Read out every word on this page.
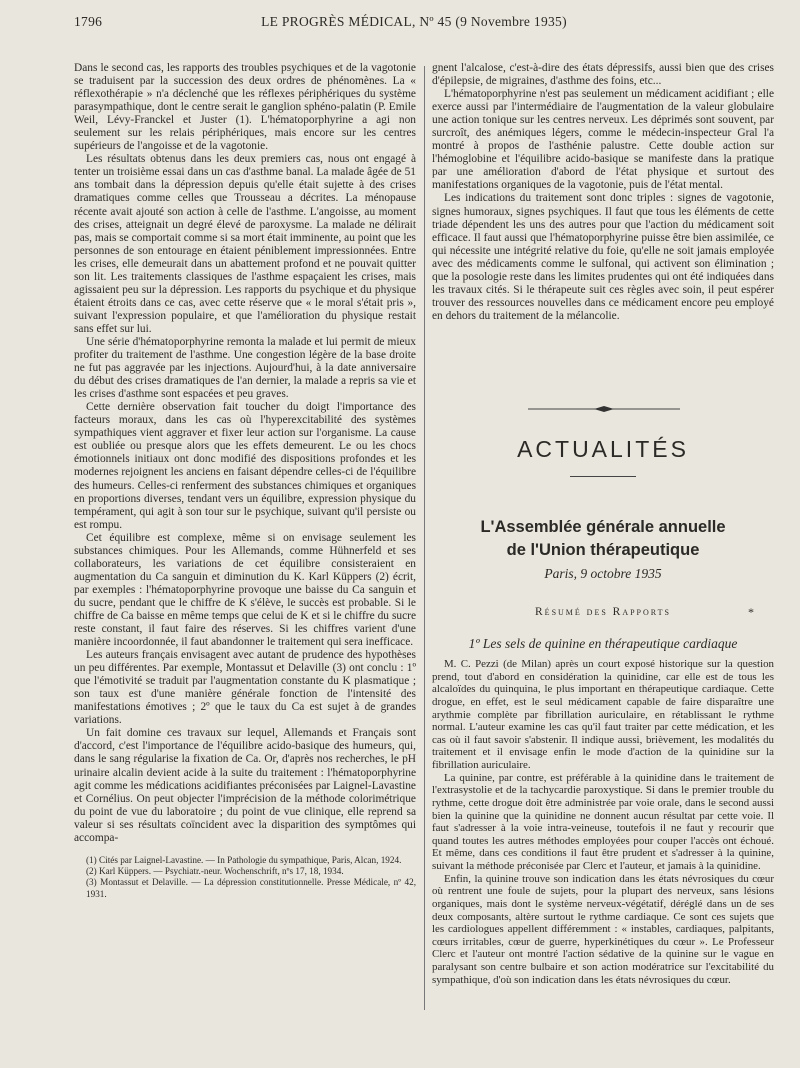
1796	LE PROGRÈS MÉDICAL, Nº 45 (9 Novembre 1935)

Dans le second cas, les rapports des troubles psychiques et de la vagotonie se traduisent par la succession des deux ordres de phénomènes. La « réflexothérapie » n'a déclenché que les réflexes périphériques du système parasympathique, dont le centre serait le ganglion sphéno-palatin (P. Emile Weil, Lévy-Franckel et Juster (1). L'hématoporphyrine a agi non seulement sur les relais périphériques, mais encore sur les centres supérieurs de l'angoisse et de la vagotonie.

Les résultats obtenus dans les deux premiers cas, nous ont engagé à tenter un troisième essai dans un cas d'asthme banal. La malade âgée de 51 ans tombait dans la dépression depuis qu'elle était sujette à des crises dramatiques comme celles que Trousseau a décrites. La ménopause récente avait ajouté son action à celle de l'asthme. L'angoisse, au moment des crises, atteignait un degré élevé de paroxysme. La malade ne délirait pas, mais se comportait comme si sa mort était imminente, au point que les personnes de son entourage en étaient péniblement impressionnées. Entre les crises, elle demeurait dans un abattement profond et ne pouvait quitter son lit. Les traitements classiques de l'asthme espaçaient les crises, mais agissaient peu sur la dépression. Les rapports du psychique et du physique étaient étroits dans ce cas, avec cette réserve que « le moral s'était pris », suivant l'expression populaire, et que l'amélioration du physique restait sans effet sur lui.

Une série d'hématoporphyrine remonta la malade et lui permit de mieux profiter du traitement de l'asthme. Une congestion légère de la base droite ne fut pas aggravée par les injections. Aujourd'hui, à la date anniversaire du début des crises dramatiques de l'an dernier, la malade a repris sa vie et les crises d'asthme sont espacées et peu graves.

Cette dernière observation fait toucher du doigt l'importance des facteurs moraux, dans les cas où l'hyperexcitabilité des systèmes sympathiques vient aggraver et fixer leur action sur l'organisme. La cause est oubliée ou presque alors que les effets demeurent. Le ou les chocs émotionnels initiaux ont donc modifié des dispositions profondes et les modernes rejoignent les anciens en faisant dépendre celles-ci de l'équilibre des humeurs. Celles-ci renferment des substances chimiques et organiques en proportions diverses, tendant vers un équilibre, expression physique du tempérament, qui agit à son tour sur le psychique, suivant qu'il persiste ou est rompu.

Cet équilibre est complexe, même si on envisage seulement les substances chimiques. Pour les Allemands, comme Hühnerfeld et ses collaborateurs, les variations de cet équilibre consisteraient en augmentation du Ca sanguin et diminution du K. Karl Küppers (2) écrit, par exemples : l'hématoporphyrine provoque une baisse du Ca sanguin et du sucre, pendant que le chiffre de K s'élève, le succès est probable. Si le chiffre de Ca baisse en même temps que celui de K et si le chiffre du sucre reste constant, il faut faire des réserves. Si les chiffres varient d'une manière incoordonnée, il faut abandonner le traitement qui sera inefficace.

Les auteurs français envisagent avec autant de prudence des hypothèses un peu différentes. Par exemple, Montassut et Delaville (3) ont conclu : 1º que l'émotivité se traduit par l'augmentation constante du K plasmatique ; son taux est d'une manière générale fonction de l'intensité des manifestations émotives ; 2º que le taux du Ca est sujet à de grandes variations.

Un fait domine ces travaux sur lequel, Allemands et Français sont d'accord, c'est l'importance de l'équilibre acido-basique des humeurs, qui, dans le sang régularise la fixation de Ca. Or, d'après nos recherches, le pH urinaire alcalin devient acide à la suite du traitement : l'hématoporphyrine agit comme les médications acidifiantes préconisées par Laignel-Lavastine et Cornélius. On peut objecter l'imprécision de la méthode colorimétrique du point de vue du laboratoire ; du point de vue clinique, elle reprend sa valeur si ses résultats coïncident avec la disparition des symptômes qui accompa-

(1) Cités par Laignel-Lavastine. — In Pathologie du sympathique, Paris, Alcan, 1924.

(2) Karl Küppers. — Psychiatr.-neur. Wochenschrift, nºs 17, 18, 1934.

(3) Montassut et Delaville. — La dépression constitutionnelle. Presse Médicale, nº 42, 1931.

gnent l'alcalose, c'est-à-dire des états dépressifs, aussi bien que des crises d'épilepsie, de migraines, d'asthme des foins, etc...

L'hématoporphyrine n'est pas seulement un médicament acidifiant ; elle exerce aussi par l'intermédiaire de l'augmentation de la valeur globulaire une action tonique sur les centres nerveux. Les déprimés sont souvent, par surcroît, des anémiques légers, comme le médecin-inspecteur Gral l'a montré à propos de l'asthénie palustre. Cette double action sur l'hémoglobine et l'équilibre acido-basique se manifeste dans la pratique par une amélioration d'abord de l'état physique et surtout des manifestations organiques de la vagotonie, puis de l'état mental.

Les indications du traitement sont donc triples : signes de vagotonie, signes humoraux, signes psychiques. Il faut que tous les éléments de cette triade dépendent les uns des autres pour que l'action du médicament soit efficace. Il faut aussi que l'hématoporphyrine puisse être bien assimilée, ce qui nécessite une intégrité relative du foie, qu'elle ne soit jamais employée avec des médicaments comme le sulfonal, qui activent son élimination ; que la posologie reste dans les limites prudentes qui ont été indiquées dans les travaux cités. Si le thérapeute suit ces règles avec soin, il peut espérer trouver des ressources nouvelles dans ce médicament encore peu employé en dehors du traitement de la mélancolie.

ACTUALITÉS
L'Assemblée générale annuelle
de l'Union thérapeutique
Paris, 9 octobre 1935
Résumé des Rapports	*
1º Les sels de quinine en thérapeutique cardiaque

M. C. Pezzi (de Milan) après un court exposé historique sur la question prend, tout d'abord en considération la quinidine, car elle est de tous les alcaloïdes du quinquina, le plus important en thérapeutique cardiaque. Cette drogue, en effet, est le seul médicament capable de faire disparaître une arythmie complète par fibrillation auriculaire, en rétablissant le rythme normal. L'auteur examine les cas qu'il faut traiter par cette médication, et les cas où il faut savoir s'abstenir. Il indique aussi, brièvement, les modalités du traitement et il envisage enfin le mode d'action de la quinidine sur la fibrillation auriculaire.

La quinine, par contre, est préférable à la quinidine dans le traitement de l'extrasystolie et de la tachycardie paroxystique. Si dans le premier trouble du rythme, cette drogue doit être administrée par voie orale, dans le second aussi bien la quinine que la quinidine ne donnent aucun résultat par cette voie. Il faut s'adresser à la voie intra-veineuse, toutefois il ne faut y recourir que quand toutes les autres méthodes employées pour couper l'accès ont échoué. Et même, dans ces conditions il faut être prudent et s'adresser à la quinine, suivant la méthode préconisée par Clerc et l'auteur, et jamais à la quinidine.

Enfin, la quinine trouve son indication dans les états névrosiques du cœur où rentrent une foule de sujets, pour la plupart des nerveux, sans lésions organiques, mais dont le système nerveux-végétatif, déréglé dans un de ses deux composants, altère surtout le rythme cardiaque. Ce sont ces sujets que les cardiologues appellent différemment : « instables, cardiaques, palpitants, cœurs irritables, cœur de guerre, hyperkinétiques du cœur ». Le Professeur Clerc et l'auteur ont montré l'action sédative de la quinine sur le vague en paralysant son centre bulbaire et son action modératrice sur l'excitabilité du sympathique, d'où son indication dans les états névrosiques du cœur.
